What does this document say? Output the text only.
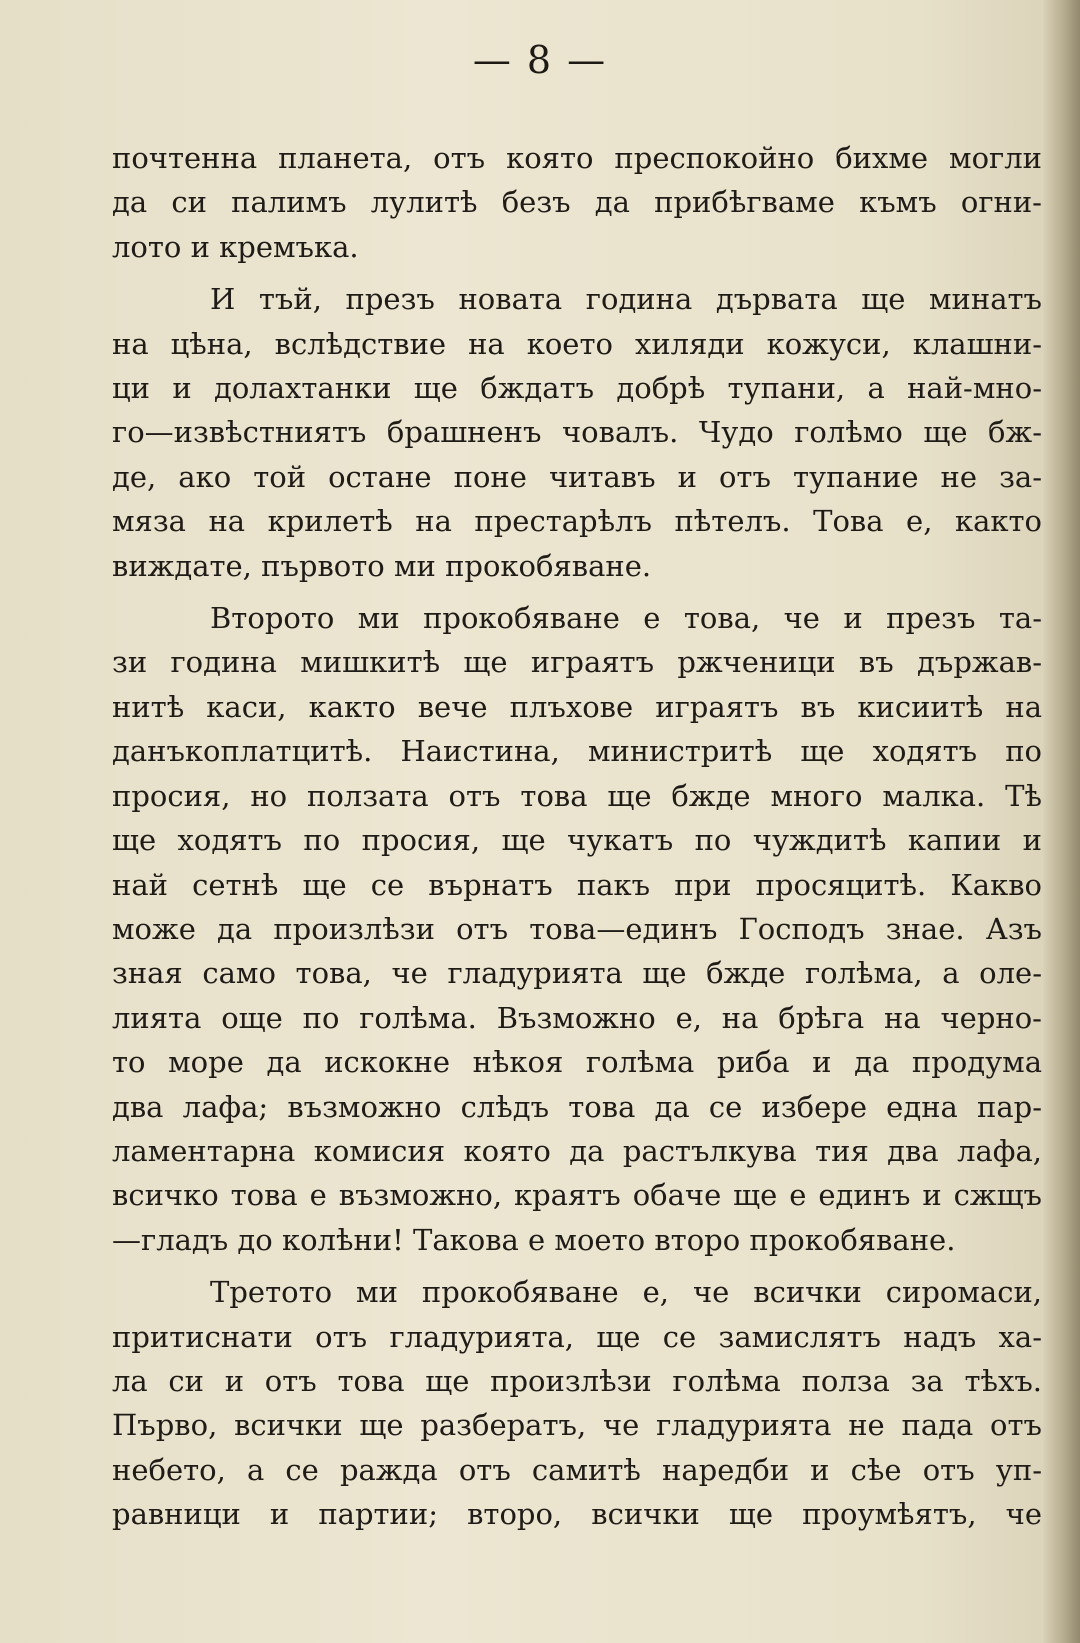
— 8 —
почтенна планета, отъ която преспокойно бихме могли
да си палимъ лулитѣ безъ да прибѣгваме къмъ огни-
лото и кремъка.
И тъй, презъ новата година дървата ще минатъ
на цѣна, вслѣдствие на което хиляди кожуси, клашни-
ци и долахтанки ще бждатъ добрѣ тупани, а най-мно-
го—извѣстниятъ брашненъ човалъ. Чудо голѣмо ще бж-
де, ако той остане поне читавъ и отъ тупание не за-
мяза на крилетѣ на престарѣлъ пѣтелъ. Това е, както
виждате, първото ми прокобяване.
Второто ми прокобяване е това, че и презъ та-
зи година мишкитѣ ще играятъ ржченици въ държав-
нитѣ каси, както вече плъхове играятъ въ кисиитѣ на
данъкоплатцитѣ. Наистина, министритѣ ще ходятъ по
просия, но ползата отъ това ще бжде много малка. Тѣ
ще ходятъ по просия, ще чукатъ по чуждитѣ капии и
най сетнѣ ще се върнатъ пакъ при просяцитѣ. Какво
може да произлѣзи отъ това—единъ Господъ знае. Азъ
зная само това, че гладурията ще бжде голѣма, а оле-
лията още по голѣма. Възможно е, на брѣга на черно-
то море да искокне нѣкоя голѣма риба и да продума
два лафа; възможно слѣдъ това да се избере една пар-
ламентарна комисия която да растълкува тия два лафа,
всичко това е възможно, краятъ обаче ще е единъ и сжщъ
—гладъ до колѣни! Такова е моето второ прокобяване.
Третото ми прокобяване е, че всички сиромаси,
притиснати отъ гладурията, ще се замислятъ надъ ха-
ла си и отъ това ще произлѣзи голѣма полза за тѣхъ.
Първо, всички ще разбератъ, че гладурията не пада отъ
небето, а се ражда отъ самитѣ наредби и сѣе отъ уп-
равници и партии; второ, всички ще проумѣятъ, че
